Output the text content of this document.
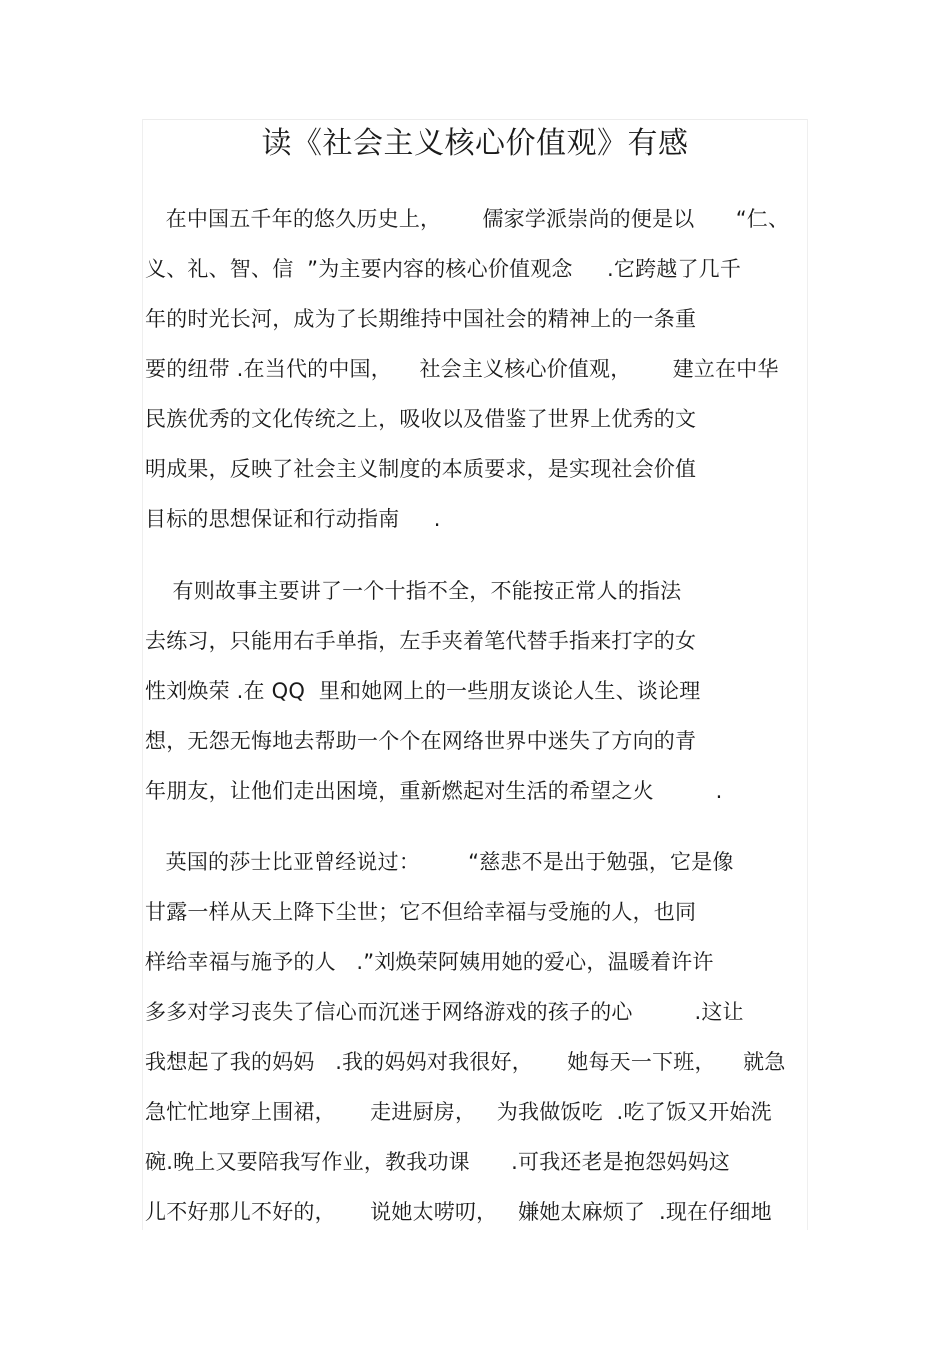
读《社会主义核心价值观》有感

在中国五千年的悠久历史上，      儒家学派崇尚的便是以      “仁、

义、礼、智、信  ”为主要内容的核心价值观念     .它跨越了几千

年的时光长河，成为了长期维持中国社会的精神上的一条重

要的纽带 .在当代的中国，    社会主义核心价值观，      建立在中华

民族优秀的文化传统之上，吸收以及借鉴了世界上优秀的文

明成果，反映了社会主义制度的本质要求，是实现社会价值

目标的思想保证和行动指南     .

有则故事主要讲了一个十指不全，不能按正常人的指法

去练习，只能用右手单指，左手夹着笔代替手指来打字的女

性刘焕荣 .在 QQ  里和她网上的一些朋友谈论人生、谈论理

想，无怨无悔地去帮助一个个在网络世界中迷失了方向的青

年朋友，让他们走出困境，重新燃起对生活的希望之火         .

英国的莎士比亚曾经说过：       “慈悲不是出于勉强，它是像

甘露一样从天上降下尘世；它不但给幸福与受施的人，也同

样给幸福与施予的人   .”刘焕荣阿姨用她的爱心，温暖着许许

多多对学习丧失了信心而沉迷于网络游戏的孩子的心         .这让

我想起了我的妈妈   .我的妈妈对我很好，     她每天一下班，    就急

急忙忙地穿上围裙，     走进厨房，   为我做饭吃  .吃了饭又开始洗

碗.晚上又要陪我写作业，教我功课      .可我还老是抱怨妈妈这

儿不好那儿不好的，     说她太唠叨，   嫌她太麻烦了  .现在仔细地
